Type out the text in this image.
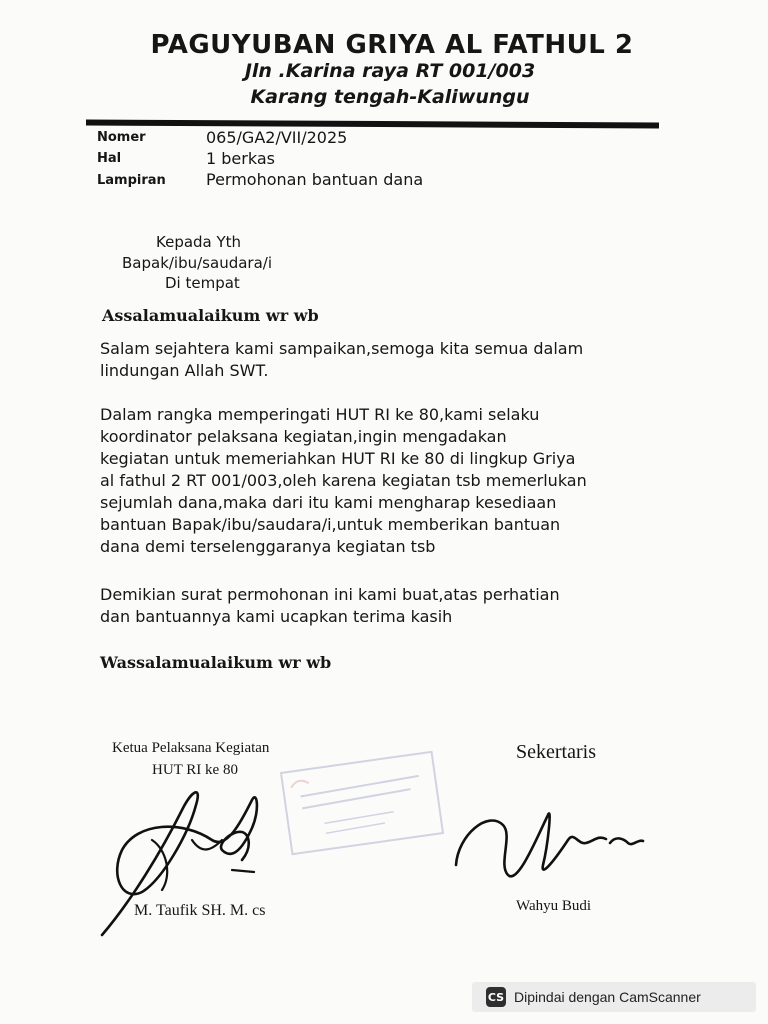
PAGUYUBAN GRIYA AL FATHUL 2
Jln .Karina raya RT 001/003
Karang tengah-Kaliwungu
Nomer	065/GA2/VII/2025
Hal	1 berkas
Lampiran	Permohonan bantuan dana
Kepada Yth
Bapak/ibu/saudara/i
Di tempat
Assalamualaikum wr wb
Salam sejahtera kami sampaikan,semoga kita semua dalam
lindungan Allah SWT.
Dalam rangka memperingati HUT RI ke 80,kami selaku
koordinator pelaksana kegiatan,ingin mengadakan
kegiatan untuk memeriahkan HUT RI ke 80 di lingkup Griya
al fathul 2 RT 001/003,oleh karena kegiatan tsb memerlukan
sejumlah dana,maka dari itu kami mengharap kesediaan
bantuan Bapak/ibu/saudara/i,untuk memberikan bantuan
dana demi terselenggaranya kegiatan tsb
Demikian surat permohonan ini kami buat,atas perhatian
dan bantuannya kami ucapkan terima kasih
Wassalamualaikum wr wb
Ketua Pelaksana Kegiatan
HUT RI ke 80
M. Taufik SH. M. cs
Sekertaris
Wahyu Budi
CS Dipindai dengan CamScanner
